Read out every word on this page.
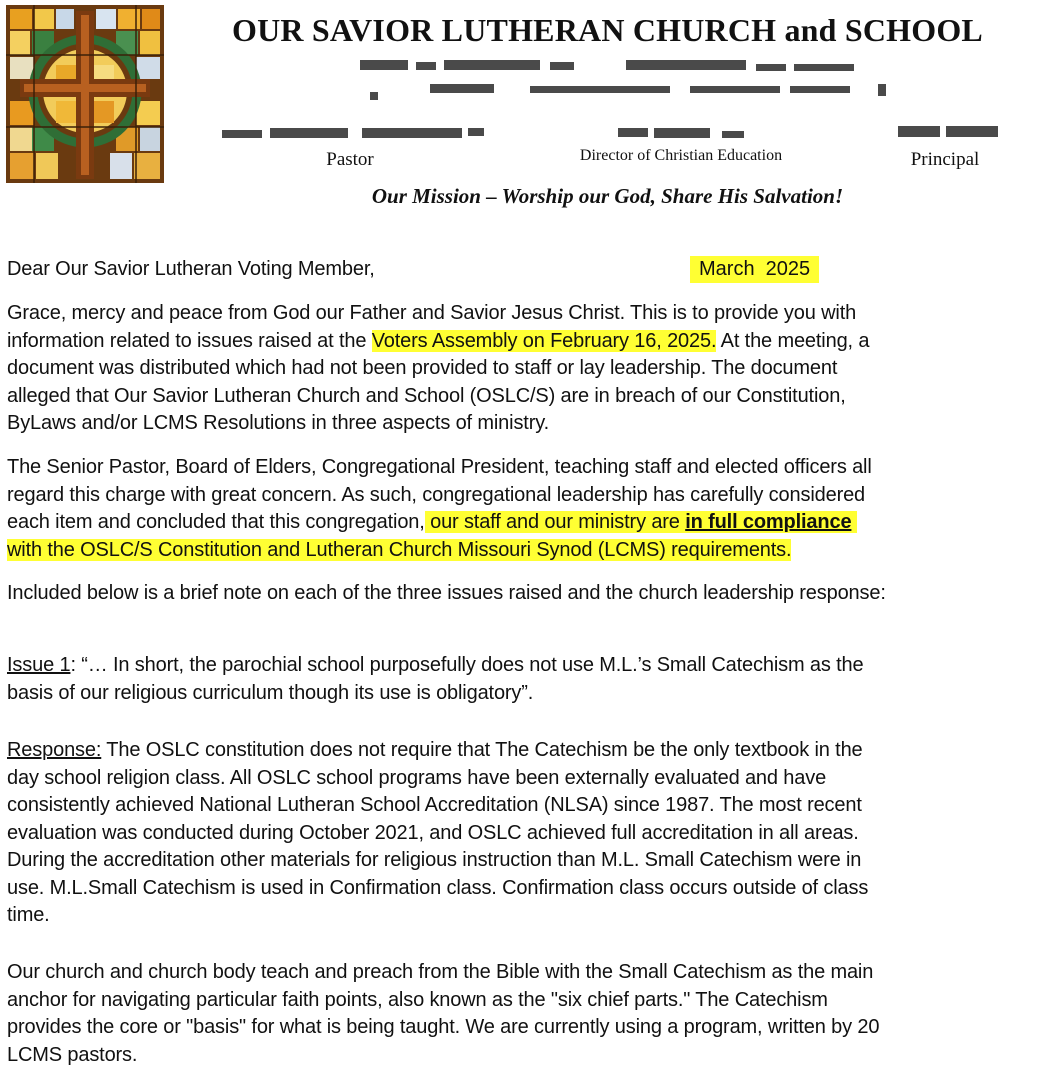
OUR SAVIOR LUTHERAN CHURCH and SCHOOL
Pastor	Director of Christian Education	Principal
Our Mission – Worship our God, Share His Salvation!
Dear Our Savior Lutheran Voting Member,	March  2025
Grace, mercy and peace from God our Father and Savior Jesus Christ. This is to provide you with
information related to issues raised at the Voters Assembly on February 16, 2025. At the meeting, a
document was distributed which had not been provided to staff or lay leadership. The document
alleged that Our Savior Lutheran Church and School (OSLC/S) are in breach of our Constitution,
ByLaws and/or LCMS Resolutions in three aspects of ministry.
The Senior Pastor, Board of Elders, Congregational President, teaching staff and elected officers all
regard this charge with great concern. As such, congregational leadership has carefully considered
each item and concluded that this congregation, our staff and our ministry are in full compliance
with the OSLC/S Constitution and Lutheran Church Missouri Synod (LCMS) requirements.
Included below is a brief note on each of the three issues raised and the church leadership response:
Issue 1: “… In short, the parochial school purposefully does not use M.L.’s Small Catechism as the
basis of our religious curriculum though its use is obligatory”.
Response: The OSLC constitution does not require that The Catechism be the only textbook in the
day school religion class. All OSLC school programs have been externally evaluated and have
consistently achieved National Lutheran School Accreditation (NLSA) since 1987. The most recent
evaluation was conducted during October 2021, and OSLC achieved full accreditation in all areas.
During the accreditation other materials for religious instruction than M.L. Small Catechism were in
use. M.L.Small Catechism is used in Confirmation class. Confirmation class occurs outside of class
time.
Our church and church body teach and preach from the Bible with the Small Catechism as the main
anchor for navigating particular faith points, also known as the "six chief parts." The Catechism
provides the core or "basis" for what is being taught. We are currently using a program, written by 20
LCMS pastors.
